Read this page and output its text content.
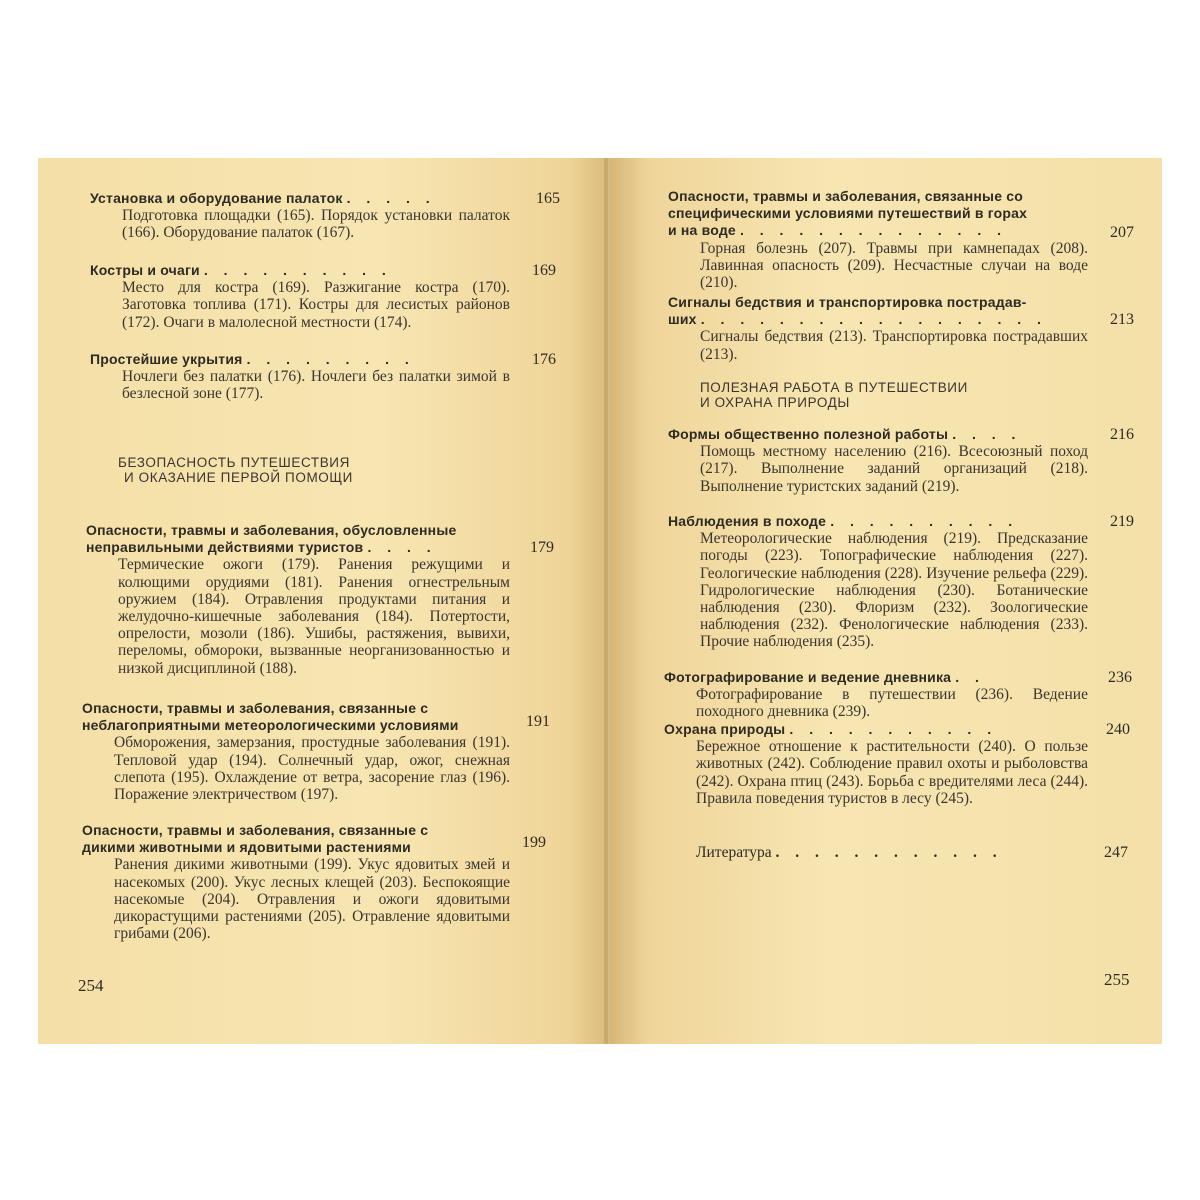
Установка и оборудование палаток . . . . .
Подготовка площадки (165). Порядок установки палаток (166). Оборудование палаток (167).
165
Костры и очаги . . . . . . . . . .
Место для костра (169). Разжигание костра (170). Заготовка топлива (171). Костры для лесистых районов (172). Очаги в малолесной местности (174).
169
Простейшие укрытия . . . . . . . . .
Ночлеги без палатки (176). Ночлеги без палатки зимой в безлесной зоне (177).
176
БЕЗОПАСНОСТЬ ПУТЕШЕСТВИЯ
И ОКАЗАНИЕ ПЕРВОЙ ПОМОЩИ
Опасности, травмы и заболевания, обусловленные
неправильными действиями туристов . . . .
Термические ожоги (179). Ранения режущими и колющими орудиями (181). Ранения огнестрельным оружием (184). Отравления продуктами питания и желудочно-кишечные заболевания (184). Потертости, опрелости, мозоли (186). Ушибы, растяжения, вывихи, переломы, обмороки, вызванные неорганизованностью и низкой дисциплиной (188).
179
Опасности, травмы и заболевания, связанные с
неблагоприятными метеорологическими условиями
Обморожения, замерзания, простудные заболевания (191). Тепловой удар (194). Солнечный удар, ожог, снежная слепота (195). Охлаждение от ветра, засорение глаз (196). Поражение электричеством (197).
191
Опасности, травмы и заболевания, связанные с
дикими животными и ядовитыми растениями
Ранения дикими животными (199). Укус ядовитых змей и насекомых (200). Укус лесных клещей (203). Беспокоящие насекомые (204). Отравления и ожоги ядовитыми дикорастущими растениями (205). Отравление ядовитыми грибами (206).
199
254
Опасности, травмы и заболевания, связанные со
специфическими условиями путешествий в горах
и на воде . . . . . . . . . . . . . .
Горная болезнь (207). Травмы при камнепадах (208). Лавинная опасность (209). Несчастные случаи на воде (210).
207
Сигналы бедствия и транспортировка пострадав-
ших . . . . . . . . . . . . . . . . . .
Сигналы бедствия (213). Транспортировка пострадавших (213).
213
ПОЛЕЗНАЯ РАБОТА В ПУТЕШЕСТВИИ
И ОХРАНА ПРИРОДЫ
Формы общественно полезной работы . . . .
Помощь местному населению (216). Всесоюзный поход (217). Выполнение заданий организаций (218). Выполнение туристских заданий (219).
216
Наблюдения в походе . . . . . . . . . .
Метеорологические наблюдения (219). Предсказание погоды (223). Топографические наблюдения (227). Геологические наблюдения (228). Изучение рельефа (229). Гидрологические наблюдения (230). Ботанические наблюдения (230). Флоризм (232). Зоологические наблюдения (232). Фенологические наблюдения (233). Прочие наблюдения (235).
219
Фотографирование и ведение дневника . .
Фотографирование в путешествии (236). Ведение походного дневника (239).
236
Охрана природы . . . . . . . . . . .
Бережное отношение к растительности (240). О пользе животных (242). Соблюдение правил охоты и рыболовства (242). Охрана птиц (243). Борьба с вредителями леса (244). Правила поведения туристов в лесу (245).
240
Литература . . . . . . . . . . . .	247
255
